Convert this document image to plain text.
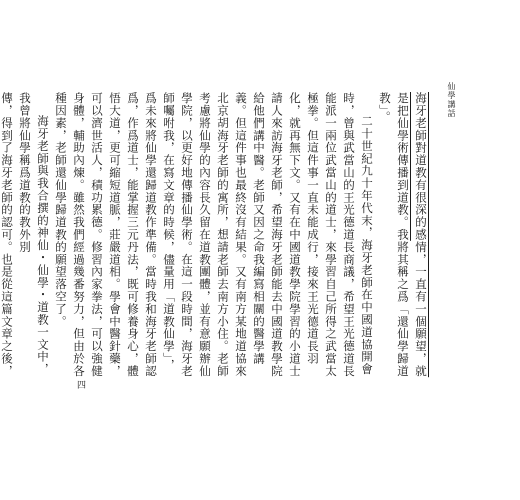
仙學講話

海牙老師對道教有很深的感情，一直有一個願望，就是把仙學術傳播到道教。我將其稱之爲「還仙學歸道教」。

二十世紀九十年代末，海牙老師在中國道協開會時，曾與武當山的王光德道長商議，希望王光德道長能派一兩位武當山的道士，來學習自己所得之武當太極拳。但這件事一直未能成行，接來王光德道長羽化，就再無下文。又有在中國道教學院學習的小道士請人來訪海牙老師，希望海牙老師能去中國道教學院給他們講中醫。老師又因之命我編寫相關的醫學講義。但這件事也最終沒有結果。又有南方某地道協來北京胡海牙老師的寓所，想請老師去南方小住。老師考慮將仙學的內容長久留在道教團體，並有意願辦仙學院，以更好地傳播仙學術。在這一段時間，海牙老師囑咐我，在寫文章的時候，儘量用「道教仙學」，爲未來將仙學還歸道教作準備。當時我和海牙老師認爲，作爲道士，能掌握三元丹法，既可修養身心，體悟大道，更可縮短道脈，莊嚴道相。學會中醫針藥，可以濟世活人，積功累德。修習內家拳法，可以強健身體，輔助內煉。雖然我們經過幾番努力，但由於各種因素，老師還仙學歸道教的願望落空了。

海牙老師與我合撰的神仙・仙學・道教一文中，我曾將仙學稱爲道教的教外別

傳，得到了海牙老師的認可。也是從這篇文章之後，

四
